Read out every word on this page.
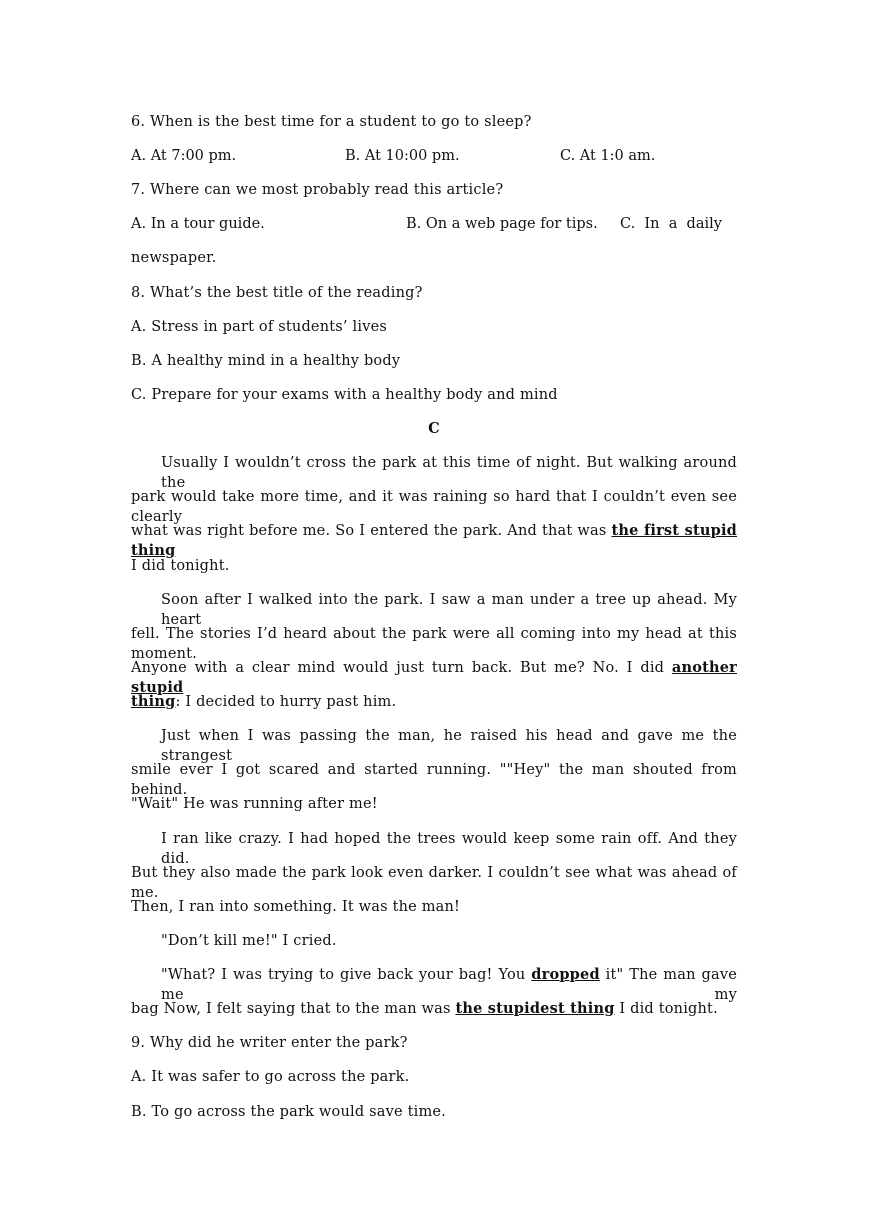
6. When is the best time for a student to go to sleep?
A. At 7:00 pm.	B. At 10:00 pm.	C. At 1:0 am.
7. Where can we most probably read this article?
A. In a tour guide.	B. On a web page for tips. C.  In  a  daily
newspaper.
8. What’s the best title of the reading?
A. Stress in part of students’ lives
B. A healthy mind in a healthy body
C. Prepare for your exams with a healthy body and mind
C
Usually I wouldn’t cross the park at this time of night. But walking around the
park would take more time, and it was raining so hard that I couldn’t even see clearly
what was right before me. So I entered the park. And that was the first stupid thing
I did tonight.
Soon after I walked into the park. I saw a man under a tree up ahead. My heart
fell. The stories I’d heard about the park were all coming into my head at this moment.
Anyone with a clear mind would just turn back. But me? No. I did another stupid
thing: I decided to hurry past him.
Just when I was passing the man, he raised his head and gave me the strangest
smile ever I got scared and started running. ""Hey" the man shouted from behind.
"Wait" He was running after me!
I ran like crazy. I had hoped the trees would keep some rain off. And they did.
But they also made the park look even darker. I couldn’t see what was ahead of me.
Then, I ran into something. It was the man!
"Don’t kill me!" I cried.
"What? I was trying to give back your bag! You dropped it" The man gave me my
bag Now, I felt saying that to the man was the stupidest thing I did tonight.
9. Why did he writer enter the park?
A. It was safer to go across the park.
B. To go across the park would save time.
